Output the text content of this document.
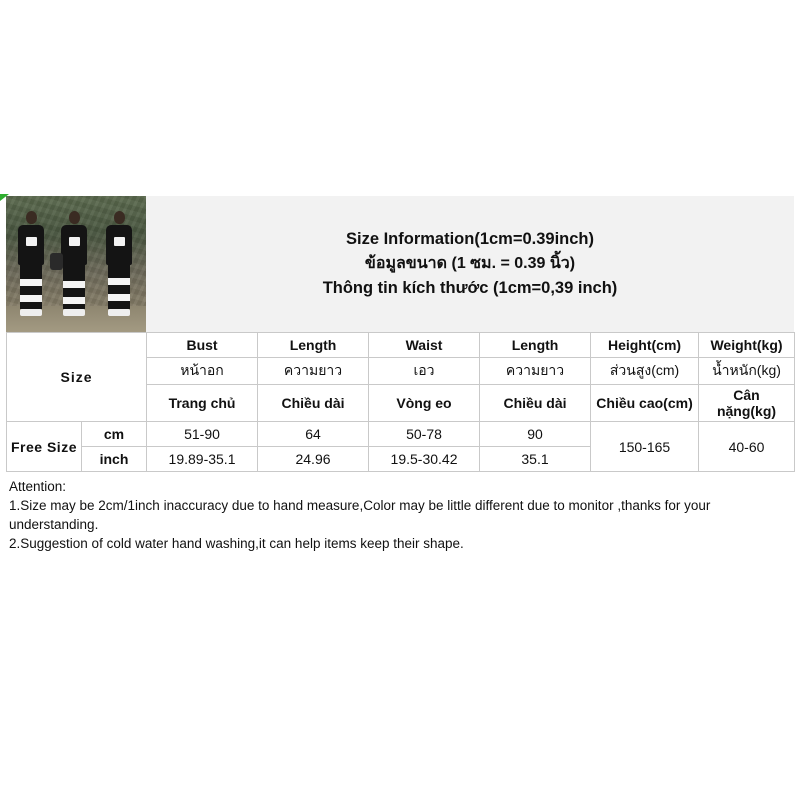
Size Information(1cm=0.39inch)
ข้อมูลขนาด (1 ซม. = 0.39 นิ้ว)
Thông tin kích thước (1cm=0,39 inch)
Size		Bust	Length	Waist	Length	Height(cm)	Weight(kg)
		หน้าอก	ความยาว	เอว	ความยาว	ส่วนสูง(cm)	น้ำหนัก(kg)
		Trang chủ	Chiều dài	Vòng eo	Chiều dài	Chiều cao(cm)	Cân nặng(kg)
Free Size	cm	51-90	64	50-78	90	150-165	40-60
	inch	19.89-35.1	24.96	19.5-30.42	35.1		

Attention:

1.Size may be 2cm/1inch inaccuracy due to hand measure,Color may be little different due to monitor ,thanks for your understanding.

2.Suggestion of cold water hand washing,it can help items keep their shape.
